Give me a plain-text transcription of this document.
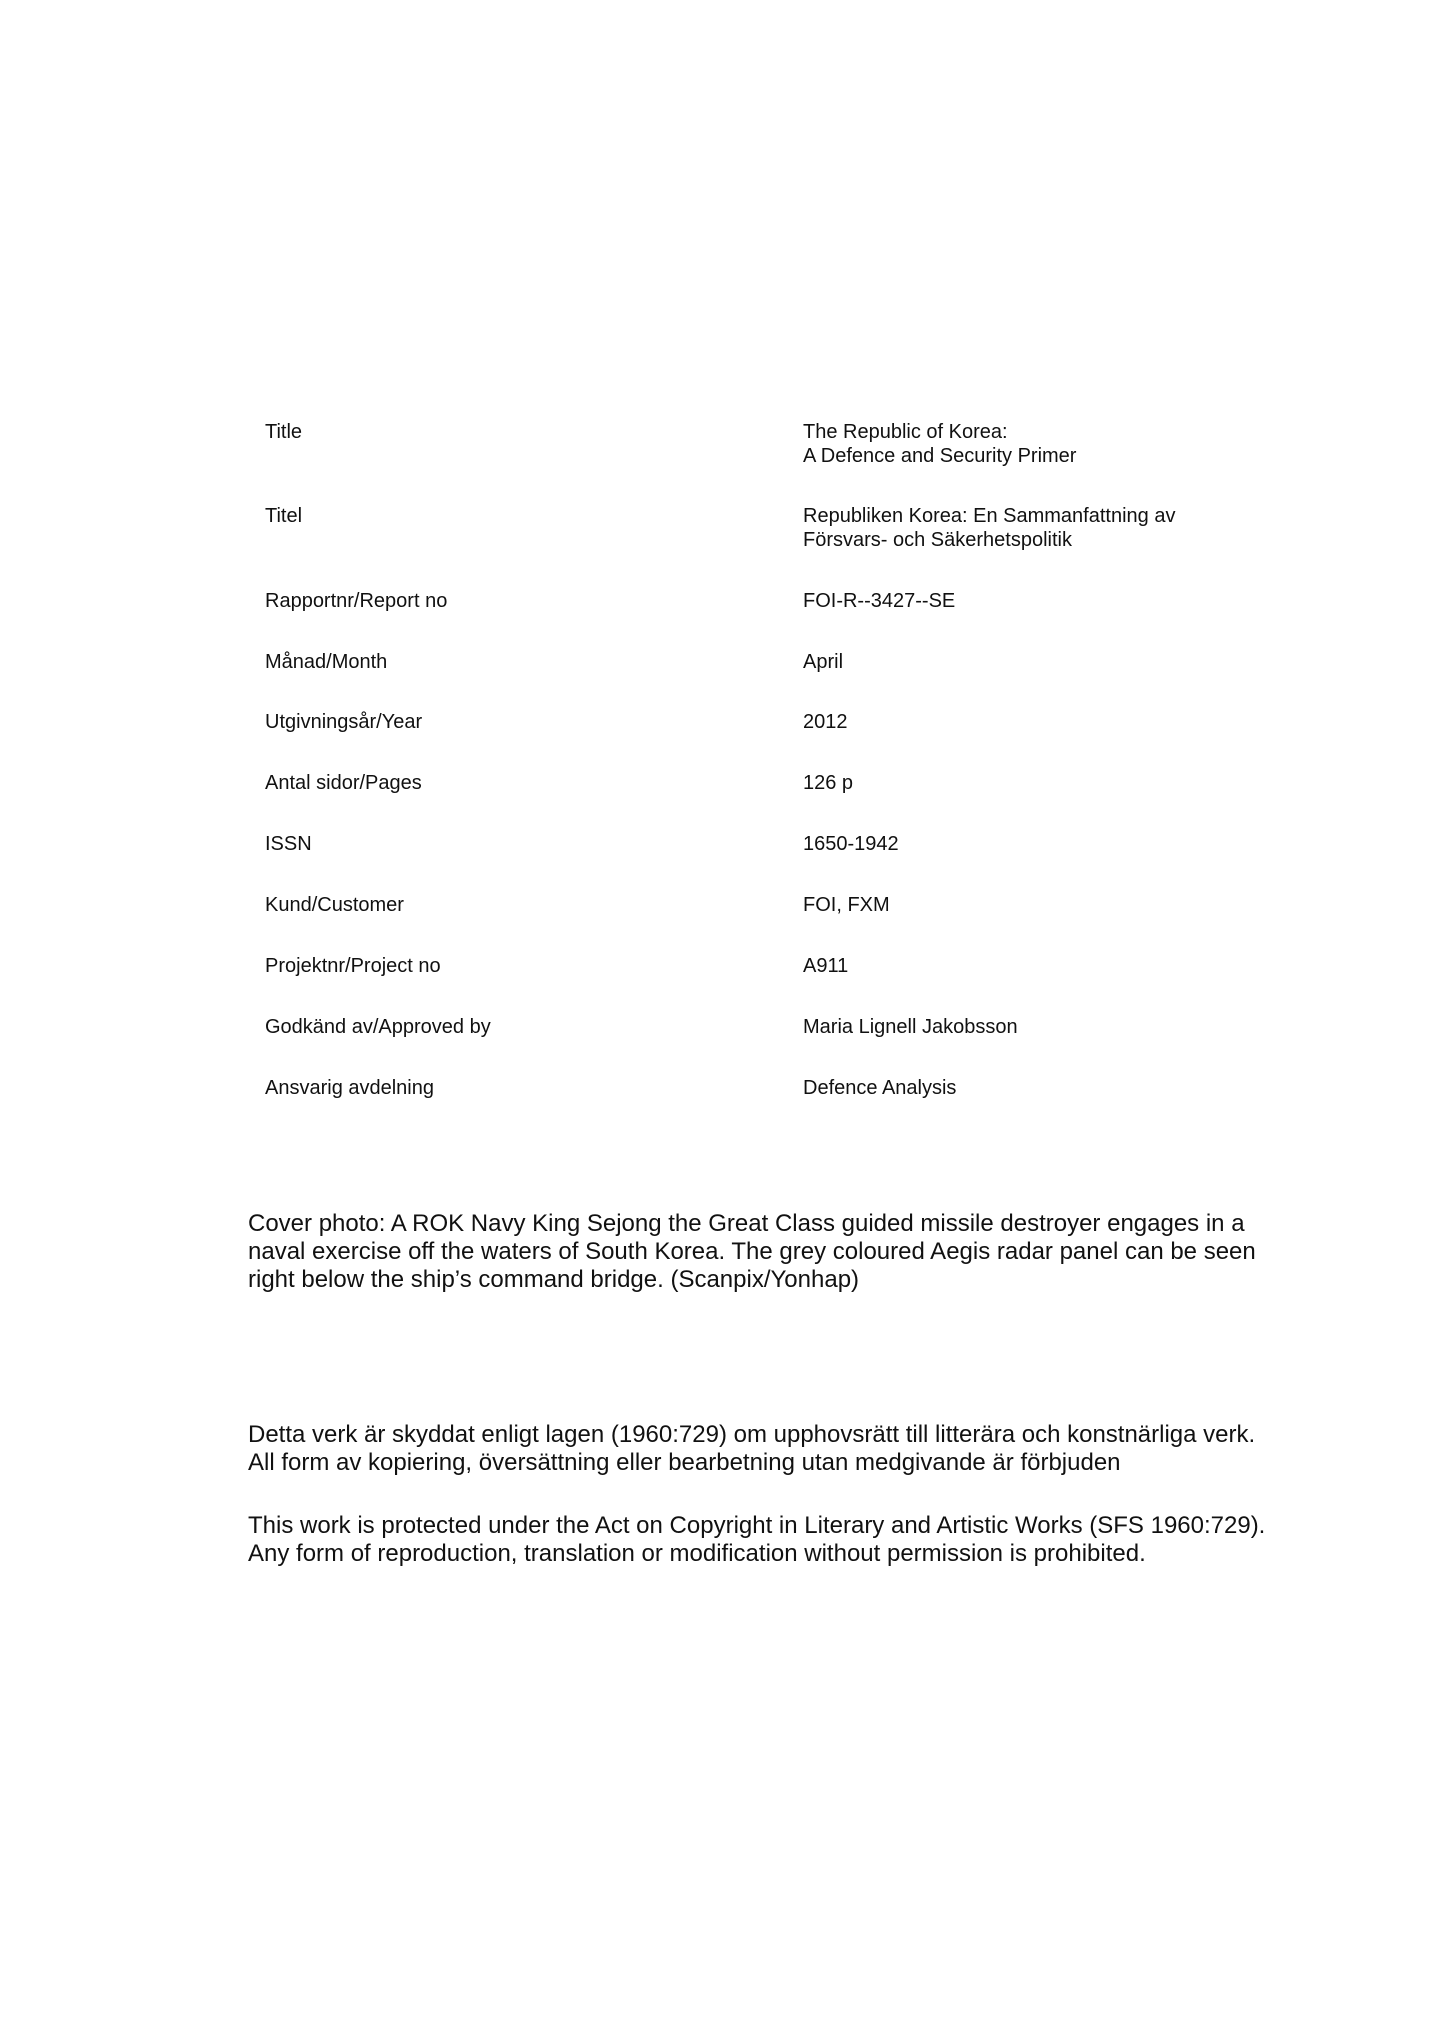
Title	The Republic of Korea:
A Defence and Security Primer
Titel	Republiken Korea: En Sammanfattning av
Försvars- och Säkerhetspolitik
Rapportnr/Report no	FOI-R--3427--SE
Månad/Month	April
Utgivningsår/Year	2012
Antal sidor/Pages	126 p
ISSN	1650-1942
Kund/Customer	FOI, FXM
Projektnr/Project no	A911
Godkänd av/Approved by	Maria Lignell Jakobsson
Ansvarig avdelning	Defence Analysis
Cover photo: A ROK Navy King Sejong the Great Class guided missile destroyer engages in a
naval exercise off the waters of South Korea. The grey coloured Aegis radar panel can be seen
right below the ship’s command bridge. (Scanpix/Yonhap)
Detta verk är skyddat enligt lagen (1960:729) om upphovsrätt till litterära och konstnärliga verk.
All form av kopiering, översättning eller bearbetning utan medgivande är förbjuden
This work is protected under the Act on Copyright in Literary and Artistic Works (SFS 1960:729).
Any form of reproduction, translation or modification without permission is prohibited.
